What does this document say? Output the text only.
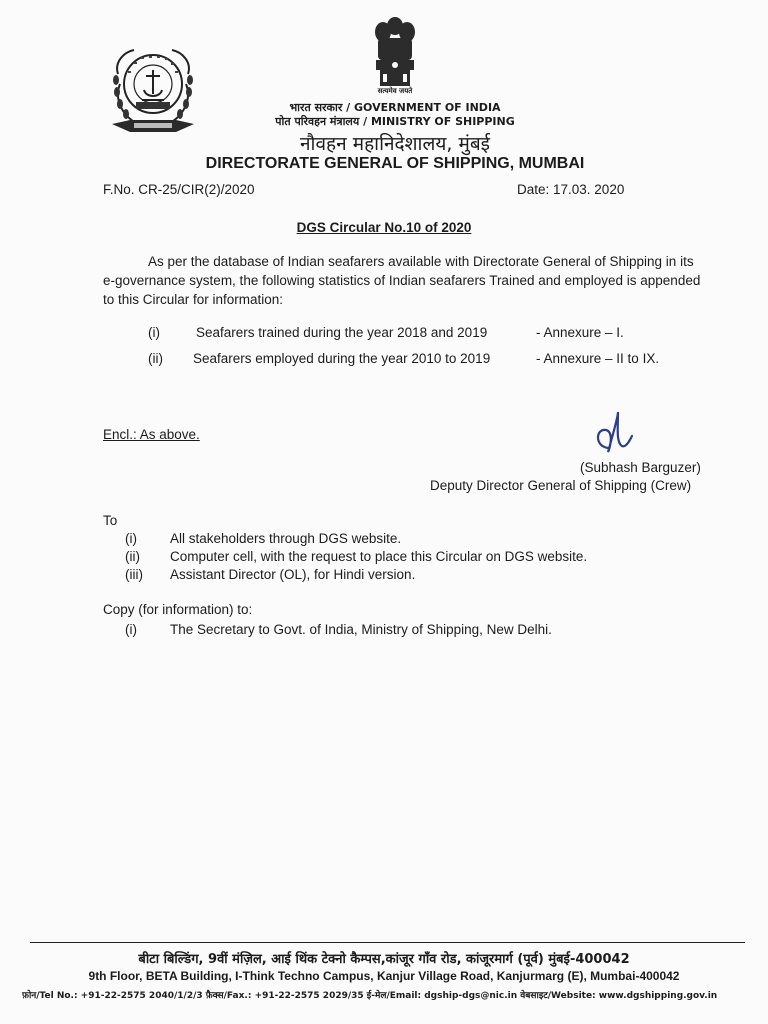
सत्यमेव जयते
भारत सरकार / GOVERNMENT OF INDIA
पोत परिवहन मंत्रालय / MINISTRY OF SHIPPING
नौवहन महानिदेशालय, मुंबई
DIRECTORATE GENERAL OF SHIPPING, MUMBAI
F.No. CR-25/CIR(2)/2020	Date: 17.03. 2020
DGS Circular No.10 of 2020
As per the database of Indian seafarers available with Directorate General of Shipping in its e-governance system, the following statistics of Indian seafarers Trained and employed is appended to this Circular for information:
(i)	Seafarers trained during the year 2018 and 2019	- Annexure – I.
(ii) Seafarers employed during the year 2010 to 2019	- Annexure – II to IX.
Encl.: As above.
(Subhash Barguzer)
Deputy Director General of Shipping (Crew)
To
(i) All stakeholders through DGS website.
(ii) Computer cell, with the request to place this Circular on DGS website.
(iii) Assistant Director (OL), for Hindi version.
Copy (for information) to:
(i) The Secretary to Govt. of India, Ministry of Shipping, New Delhi.
बीटा बिल्डिंग, 9वीं मंज़िल, आई थिंक टेक्नो कैम्पस,कांजूर गाँव रोड, कांजूरमार्ग (पूर्व) मुंबई-400042
9th Floor, BETA Building, I-Think Techno Campus, Kanjur Village Road, Kanjurmarg (E), Mumbai-400042
फ़ोन/Tel No.: +91-22-2575 2040/1/2/3 फ़ैक्स/Fax.: +91-22-2575 2029/35 ई-मेल/Email: dgship-dgs@nic.in वेबसाइट/Website: www.dgshipping.gov.in
